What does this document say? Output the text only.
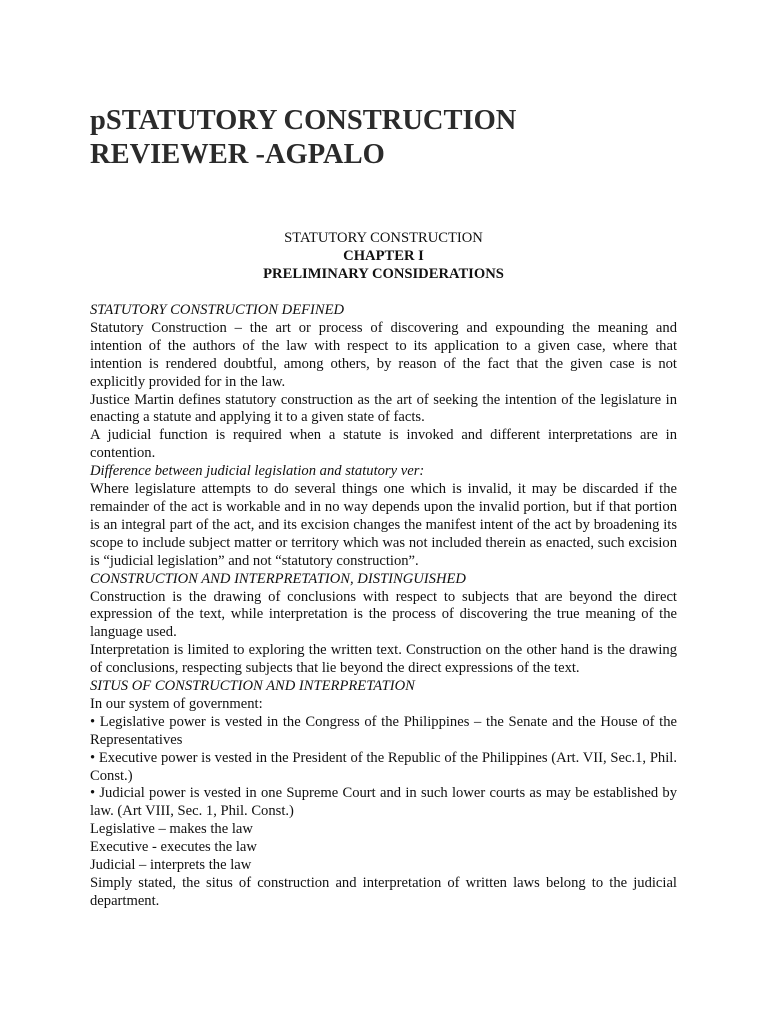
pSTATUTORY CONSTRUCTION
REVIEWER -AGPALO
STATUTORY CONSTRUCTION
CHAPTER I
PRELIMINARY CONSIDERATIONS

STATUTORY CONSTRUCTION DEFINED

Statutory Construction – the art or process of discovering and expounding the meaning and intention of the authors of the law with respect to its application to a given case, where that intention is rendered doubtful, among others, by reason of the fact that the given case is not explicitly provided for in the law.

Justice Martin defines statutory construction as the art of seeking the intention of the legislature in enacting a statute and applying it to a given state of facts.

A judicial function is required when a statute is invoked and different interpretations are in contention.

Difference between judicial legislation and statutory ver:

Where legislature attempts to do several things one which is invalid, it may be discarded if the remainder of the act is workable and in no way depends upon the invalid portion, but if that portion is an integral part of the act, and its excision changes the manifest intent of the act by broadening its scope to include subject matter or territory which was not included therein as enacted, such excision is “judicial legislation” and not “statutory construction”.

CONSTRUCTION AND INTERPRETATION, DISTINGUISHED

Construction is the drawing of conclusions with respect to subjects that are beyond the direct expression of the text, while interpretation is the process of discovering the true meaning of the language used.

Interpretation is limited to exploring the written text. Construction on the other hand is the drawing of conclusions, respecting subjects that lie beyond the direct expressions of the text.

SITUS OF CONSTRUCTION AND INTERPRETATION

In our system of government:

• Legislative power is vested in the Congress of the Philippines – the Senate and the House of the Representatives

• Executive power is vested in the President of the Republic of the Philippines (Art. VII, Sec.1, Phil. Const.)

• Judicial power is vested in one Supreme Court and in such lower courts as may be established by law. (Art VIII, Sec. 1, Phil. Const.)

Legislative – makes the law

Executive - executes the law

Judicial – interprets the law

Simply stated, the situs of construction and interpretation of written laws belong to the judicial department.
